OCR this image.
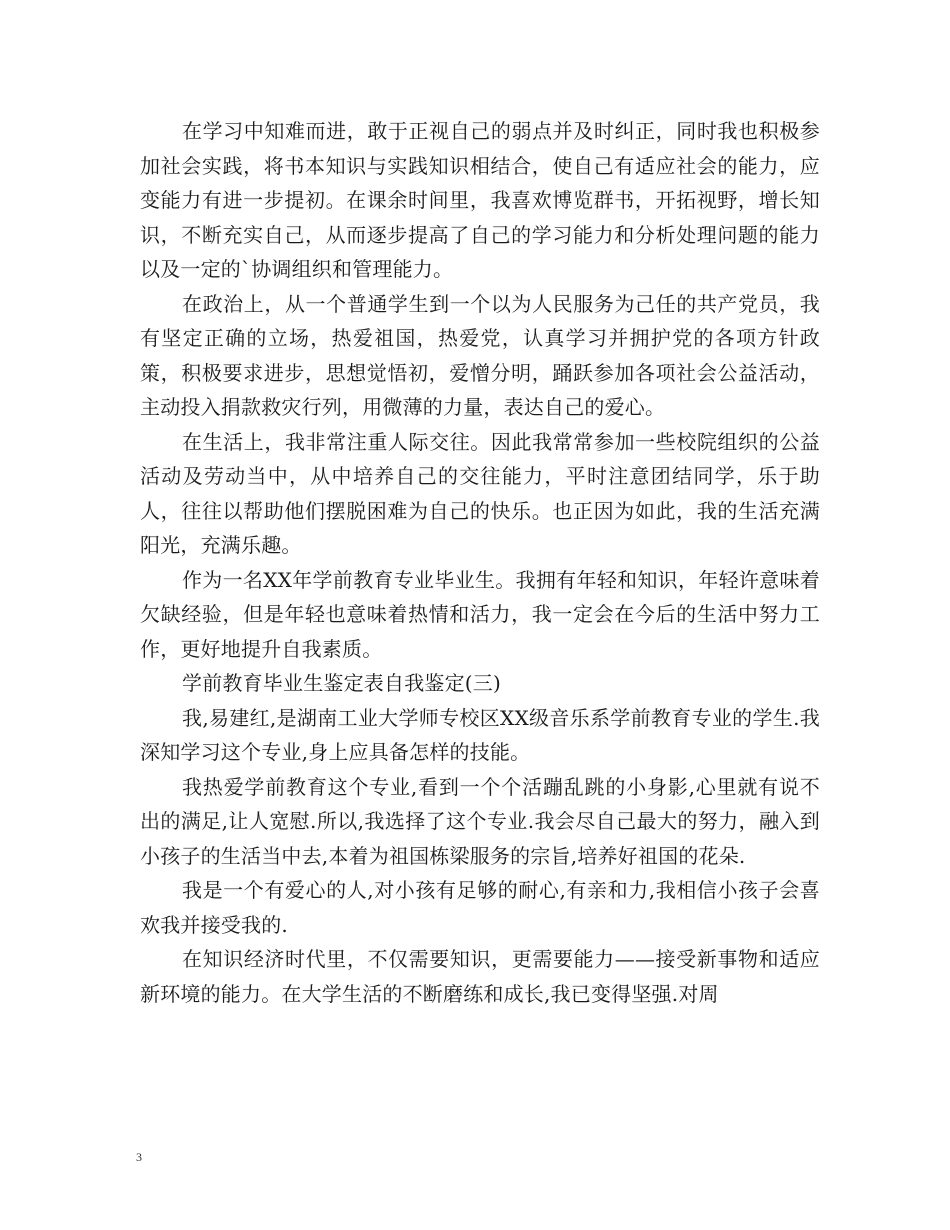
在学习中知难而进，敢于正视自己的弱点并及时纠正，同时我也积极参加社会实践，将书本知识与实践知识相结合，使自己有适应社会的能力，应变能力有进一步提初。在课余时间里，我喜欢博览群书，开拓视野，增长知识，不断充实自己，从而逐步提高了自己的学习能力和分析处理问题的能力以及一定的`协调组织和管理能力。

在政治上，从一个普通学生到一个以为人民服务为己任的共产党员，我有坚定正确的立场，热爱祖国，热爱党，认真学习并拥护党的各项方针政策，积极要求进步，思想觉悟初，爱憎分明，踊跃参加各项社会公益活动，主动投入捐款救灾行列，用微薄的力量，表达自己的爱心。

在生活上，我非常注重人际交往。因此我常常参加一些校院组织的公益活动及劳动当中，从中培养自己的交往能力，平时注意团结同学，乐于助人，往往以帮助他们摆脱困难为自己的快乐。也正因为如此，我的生活充满阳光，充满乐趣。

作为一名XX年学前教育专业毕业生。我拥有年轻和知识，年轻许意味着欠缺经验，但是年轻也意味着热情和活力，我一定会在今后的生活中努力工作，更好地提升自我素质。

学前教育毕业生鉴定表自我鉴定(三)

我,易建红,是湖南工业大学师专校区XX级音乐系学前教育专业的学生.我深知学习这个专业,身上应具备怎样的技能。

我热爱学前教育这个专业,看到一个个活蹦乱跳的小身影,心里就有说不出的满足,让人宽慰.所以,我选择了这个专业.我会尽自己最大的努力，融入到小孩子的生活当中去,本着为祖国栋梁服务的宗旨,培养好祖国的花朵.

我是一个有爱心的人,对小孩有足够的耐心,有亲和力,我相信小孩子会喜欢我并接受我的.

在知识经济时代里，不仅需要知识，更需要能力——接受新事物和适应新环境的能力。在大学生活的不断磨练和成长,我已变得坚强.对周

3
